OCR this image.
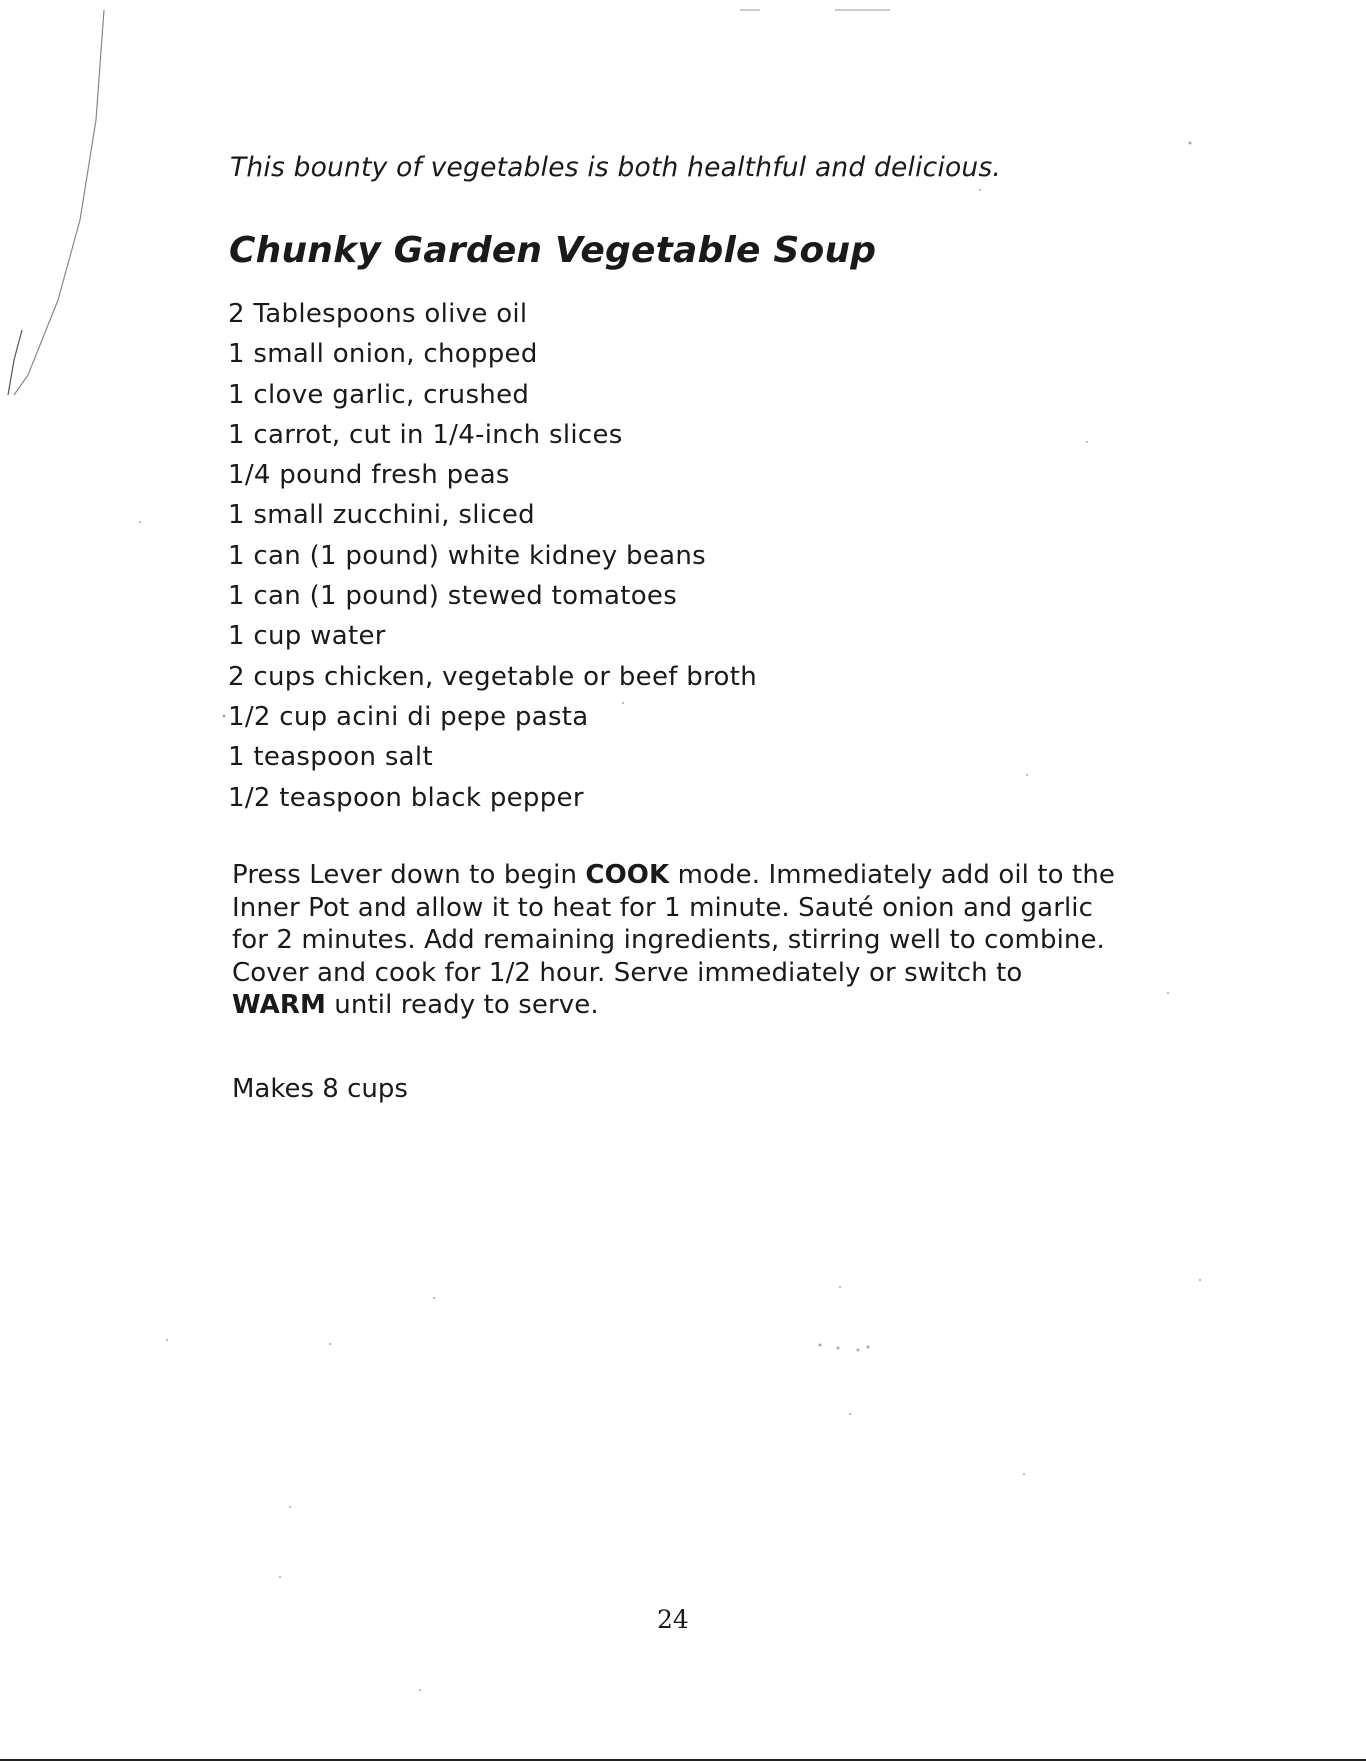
This bounty of vegetables is both healthful and delicious.
Chunky Garden Vegetable Soup
2 Tablespoons olive oil
1 small onion, chopped
1 clove garlic, crushed
1 carrot, cut in 1/4-inch slices
1/4 pound fresh peas
1 small zucchini, sliced
1 can (1 pound) white kidney beans
1 can (1 pound) stewed tomatoes
1 cup water
2 cups chicken, vegetable or beef broth
1/2 cup acini di pepe pasta
1 teaspoon salt
1/2 teaspoon black pepper
Press Lever down to begin COOK mode. Immediately add oil to the
Inner Pot and allow it to heat for 1 minute. Sauté onion and garlic
for 2 minutes. Add remaining ingredients, stirring well to combine.
Cover and cook for 1/2 hour. Serve immediately or switch to
WARM until ready to serve.
Makes 8 cups
24
